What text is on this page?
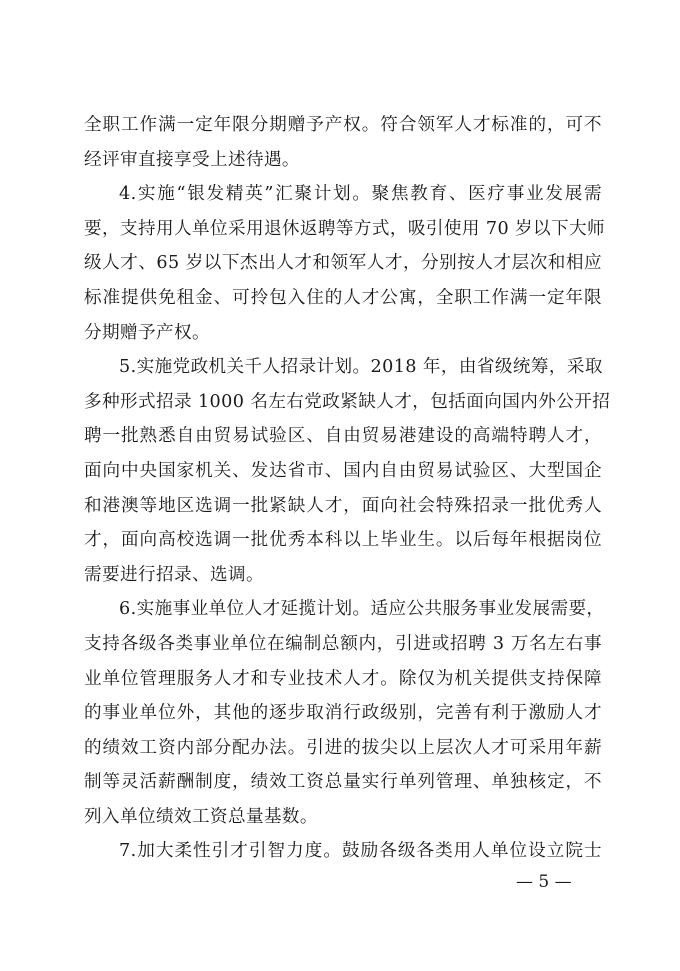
全职工作满一定年限分期赠予产权。符合领军人才标准的，可不
经评审直接享受上述待遇。
4.实施“银发精英”汇聚计划。聚焦教育、医疗事业发展需
要，支持用人单位采用退休返聘等方式，吸引使用 70 岁以下大师
级人才、65 岁以下杰出人才和领军人才，分别按人才层次和相应
标准提供免租金、可拎包入住的人才公寓，全职工作满一定年限
分期赠予产权。
5.实施党政机关千人招录计划。2018 年，由省级统筹，采取
多种形式招录 1000 名左右党政紧缺人才，包括面向国内外公开招
聘一批熟悉自由贸易试验区、自由贸易港建设的高端特聘人才，
面向中央国家机关、发达省市、国内自由贸易试验区、大型国企
和港澳等地区选调一批紧缺人才，面向社会特殊招录一批优秀人
才，面向高校选调一批优秀本科以上毕业生。以后每年根据岗位
需要进行招录、选调。
6.实施事业单位人才延揽计划。适应公共服务事业发展需要，
支持各级各类事业单位在编制总额内，引进或招聘 3 万名左右事
业单位管理服务人才和专业技术人才。除仅为机关提供支持保障
的事业单位外，其他的逐步取消行政级别，完善有利于激励人才
的绩效工资内部分配办法。引进的拔尖以上层次人才可采用年薪
制等灵活薪酬制度，绩效工资总量实行单列管理、单独核定，不
列入单位绩效工资总量基数。
7.加大柔性引才引智力度。鼓励各级各类用人单位设立院士
— 5 —
